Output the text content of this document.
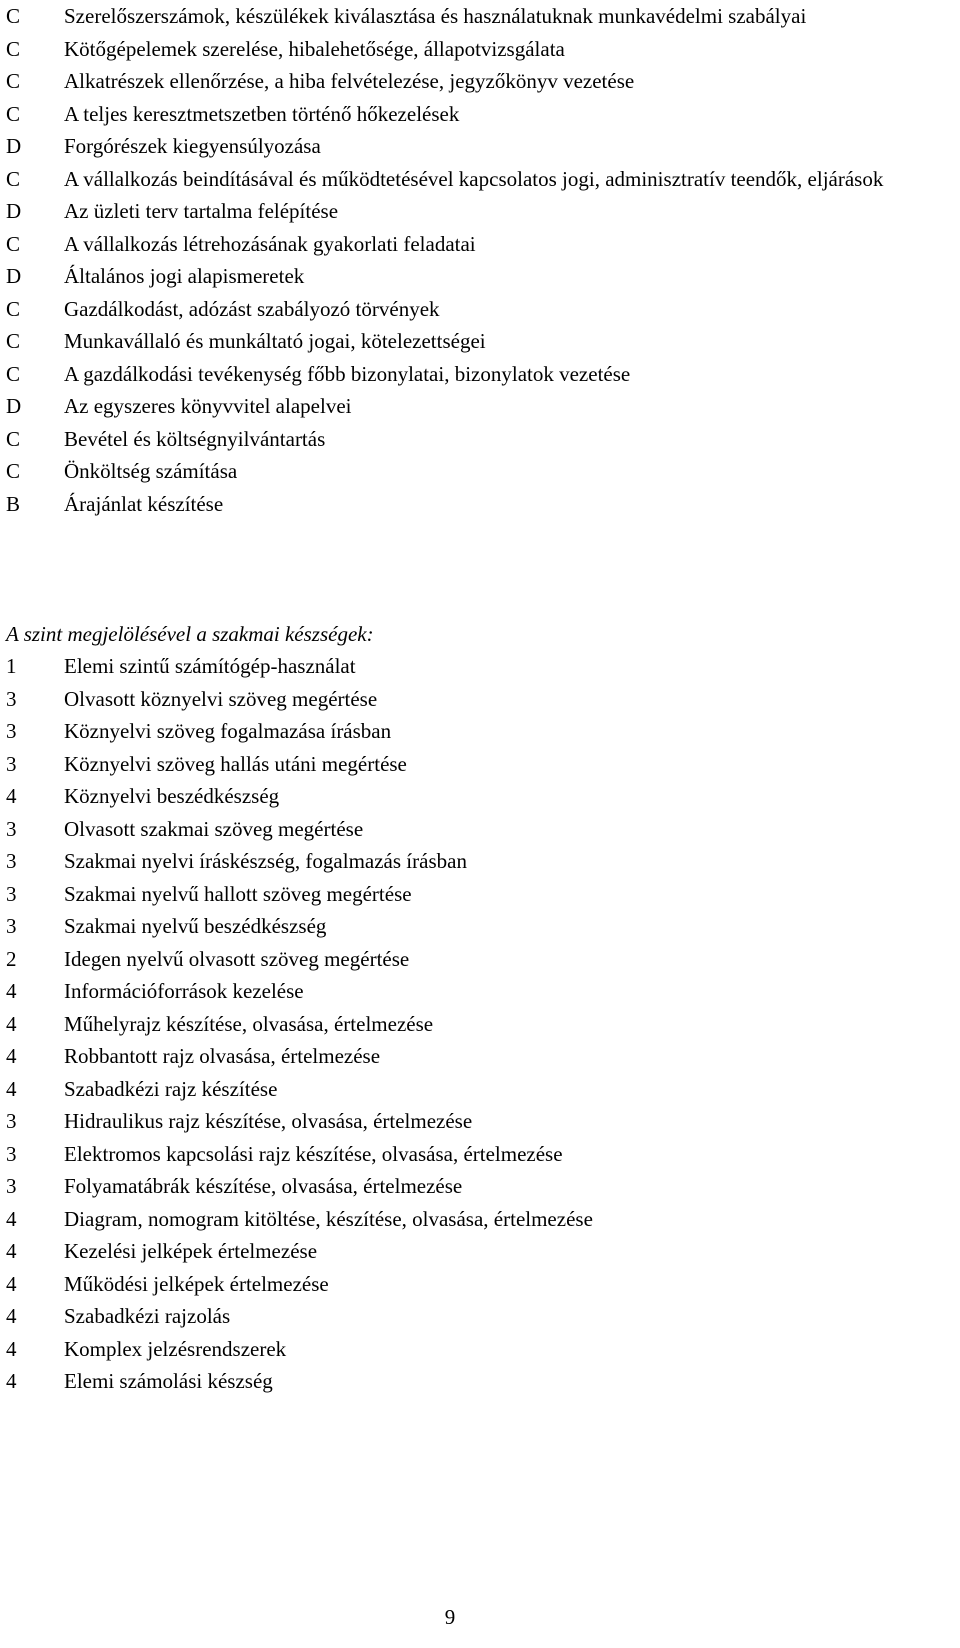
C	Szerelőszerszámok, készülékek kiválasztása és használatuknak munkavédelmi szabályai
C	Kötőgépelemek szerelése, hibalehetősége, állapotvizsgálata
C	Alkatrészek ellenőrzése, a hiba felvételezése, jegyzőkönyv vezetése
C	A teljes keresztmetszetben történő hőkezelések
D	Forgórészek kiegyensúlyozása
C	A vállalkozás beindításával és működtetésével kapcsolatos jogi, adminisztratív teendők, eljárások
D	Az üzleti terv tartalma felépítése
C	A vállalkozás létrehozásának gyakorlati feladatai
D	Általános jogi alapismeretek
C	Gazdálkodást, adózást szabályozó törvények
C	Munkavállaló és munkáltató jogai, kötelezettségei
C	A gazdálkodási tevékenység főbb bizonylatai, bizonylatok vezetése
D	Az egyszeres könyvvitel alapelvei
C	Bevétel és költségnyilvántartás
C	Önköltség számítása
B	Árajánlat készítése
A szint megjelölésével a szakmai készségek:
1	Elemi szintű számítógép-használat
3	Olvasott köznyelvi szöveg megértése
3	Köznyelvi szöveg fogalmazása írásban
3	Köznyelvi szöveg hallás utáni megértése
4	Köznyelvi beszédkészség
3	Olvasott szakmai szöveg megértése
3	Szakmai nyelvi íráskészség, fogalmazás írásban
3	Szakmai nyelvű hallott szöveg megértése
3	Szakmai nyelvű beszédkészség
2	Idegen nyelvű olvasott szöveg megértése
4	Információforrások kezelése
4	Műhelyrajz készítése, olvasása, értelmezése
4	Robbantott rajz olvasása, értelmezése
4	Szabadkézi rajz készítése
3	Hidraulikus rajz készítése, olvasása, értelmezése
3	Elektromos kapcsolási rajz készítése, olvasása, értelmezése
3	Folyamatábrák készítése, olvasása, értelmezése
4	Diagram, nomogram kitöltése, készítése, olvasása, értelmezése
4	Kezelési jelképek értelmezése
4	Működési jelképek értelmezése
4	Szabadkézi rajzolás
4	Komplex jelzésrendszerek
4	Elemi számolási készség
9
